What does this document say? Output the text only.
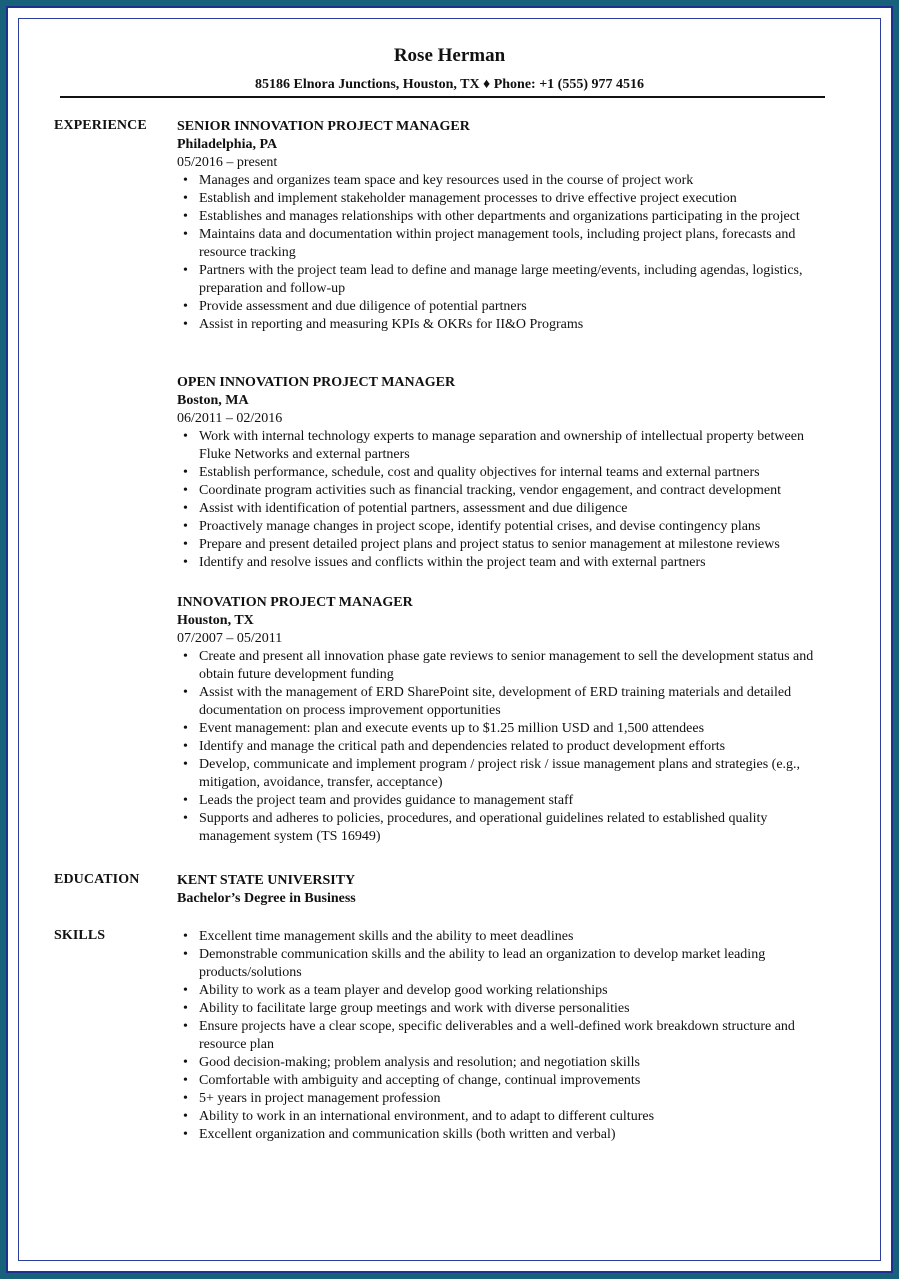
Rose Herman
85186 Elnora Junctions, Houston, TX ♦ Phone: +1 (555) 977 4516
EXPERIENCE SENIOR INNOVATION PROJECT MANAGER
Philadelphia, PA
05/2016 – present
• Manages and organizes team space and key resources used in the course of project work
• Establish and implement stakeholder management processes to drive effective project execution
• Establishes and manages relationships with other departments and organizations participating in the project
• Maintains data and documentation within project management tools, including project plans, forecasts and resource tracking
• Partners with the project team lead to define and manage large meeting/events, including agendas, logistics, preparation and follow-up
• Provide assessment and due diligence of potential partners
• Assist in reporting and measuring KPIs & OKRs for II&O Programs
OPEN INNOVATION PROJECT MANAGER
Boston, MA
06/2011 – 02/2016
• Work with internal technology experts to manage separation and ownership of intellectual property between Fluke Networks and external partners
• Establish performance, schedule, cost and quality objectives for internal teams and external partners
• Coordinate program activities such as financial tracking, vendor engagement, and contract development
• Assist with identification of potential partners, assessment and due diligence
• Proactively manage changes in project scope, identify potential crises, and devise contingency plans
• Prepare and present detailed project plans and project status to senior management at milestone reviews
• Identify and resolve issues and conflicts within the project team and with external partners
INNOVATION PROJECT MANAGER
Houston, TX
07/2007 – 05/2011
• Create and present all innovation phase gate reviews to senior management to sell the development status and obtain future development funding
• Assist with the management of ERD SharePoint site, development of ERD training materials and detailed documentation on process improvement opportunities
• Event management: plan and execute events up to $1.25 million USD and 1,500 attendees
• Identify and manage the critical path and dependencies related to product development efforts
• Develop, communicate and implement program / project risk / issue management plans and strategies (e.g., mitigation, avoidance, transfer, acceptance)
• Leads the project team and provides guidance to management staff
• Supports and adheres to policies, procedures, and operational guidelines related to established quality management system (TS 16949)
EDUCATION	KENT STATE UNIVERSITY
Bachelor’s Degree in Business
SKILLS
•	Excellent time management skills and the ability to meet deadlines
• Demonstrable communication skills and the ability to lead an organization to develop market leading products/solutions
• Ability to work as a team player and develop good working relationships
• Ability to facilitate large group meetings and work with diverse personalities
• Ensure projects have a clear scope, specific deliverables and a well-defined work breakdown structure and resource plan
• Good decision-making; problem analysis and resolution; and negotiation skills
• Comfortable with ambiguity and accepting of change, continual improvements
• 5+ years in project management profession
• Ability to work in an international environment, and to adapt to different cultures
• Excellent organization and communication skills (both written and verbal)
